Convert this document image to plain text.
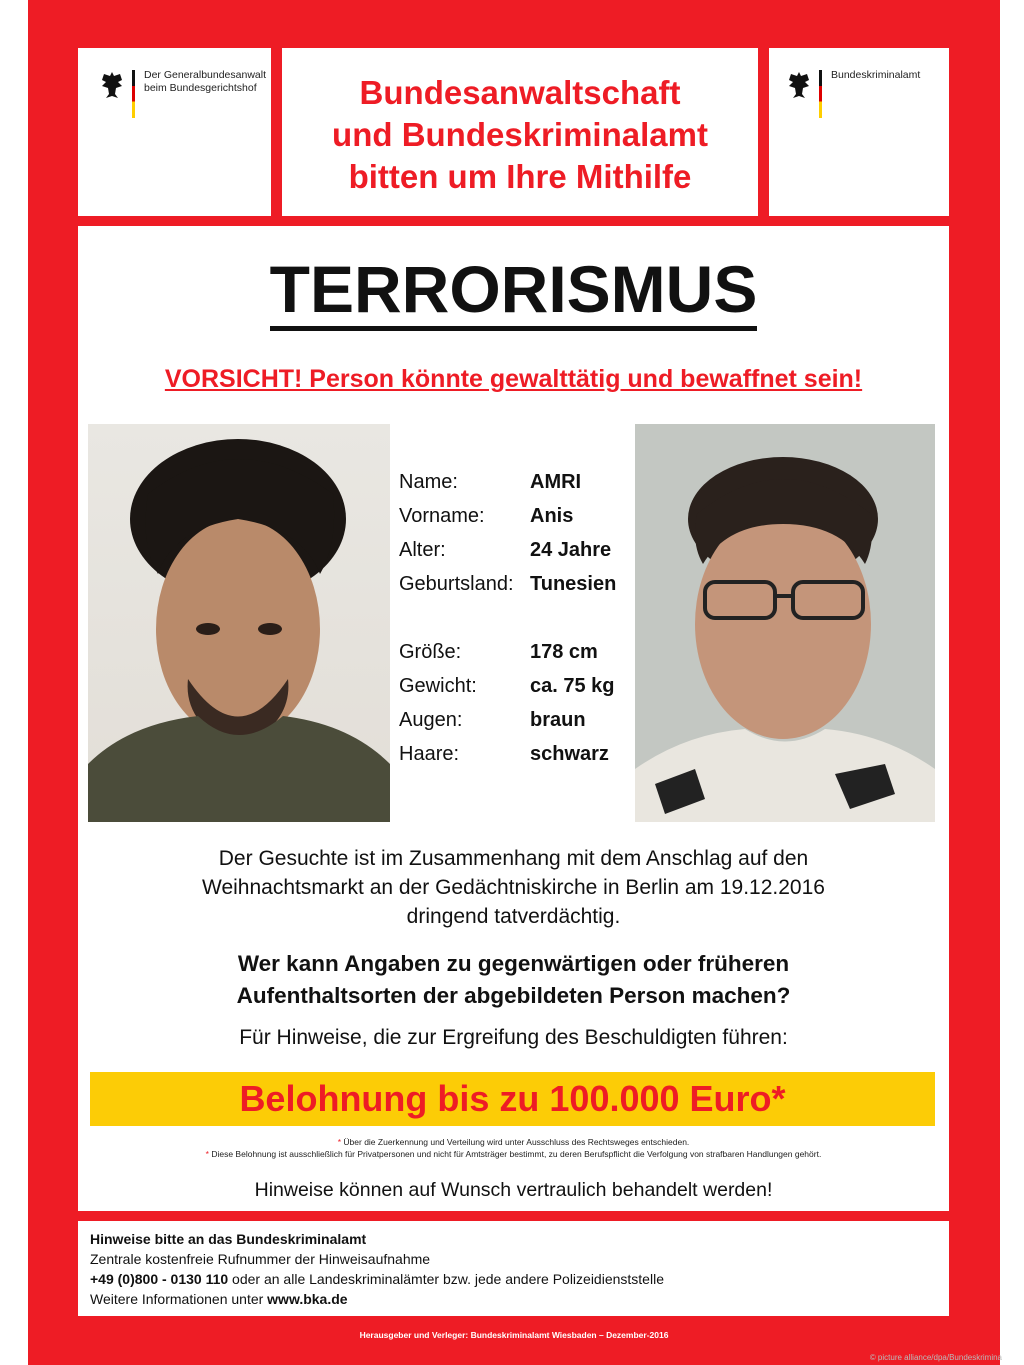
Der Generalbundesanwalt
beim Bundesgerichtshof	Bundesanwaltschaft
und Bundeskriminalamt
bitten um Ihre Mithilfe
Bundeskriminalamt
TERRORISMUS
VORSICHT! Person könnte gewalttätig und bewaffnet sein!
Name:	AMRI
Vorname: Anis
Alter:	24 Jahre
Geburtsland: Tunesien
Größe:	178 cm
Gewicht:	ca. 75 kg
Augen:	braun
Haare:	schwarz
Der Gesuchte ist im Zusammenhang mit dem Anschlag auf den
Weihnachtsmarkt an der Gedächtniskirche in Berlin am 19.12.2016
dringend tatverdächtig.
Wer kann Angaben zu gegenwärtigen oder früheren
Aufenthaltsorten der abgebildeten Person machen?
Für Hinweise, die zur Ergreifung des Beschuldigten führen:
Belohnung bis zu 100.000 Euro*
* Über die Zuerkennung und Verteilung wird unter Ausschluss des Rechtsweges entschieden.
* Diese Belohnung ist ausschließlich für Privatpersonen und nicht für Amtsträger bestimmt, zu deren Berufspflicht die Verfolgung von strafbaren Handlungen gehört.
Hinweise können auf Wunsch vertraulich behandelt werden!
Hinweise bitte an das Bundeskriminalamt
Zentrale kostenfreie Rufnummer der Hinweisaufnahme
+49 (0)800 - 0130 110 oder an alle Landeskriminalämter bzw. jede andere Polizeidienststelle
Weitere Informationen unter www.bka.de
Herausgeber und Verleger: Bundeskriminalamt Wiesbaden – Dezember-2016
© picture alliance/dpa/Bundeskrimina
